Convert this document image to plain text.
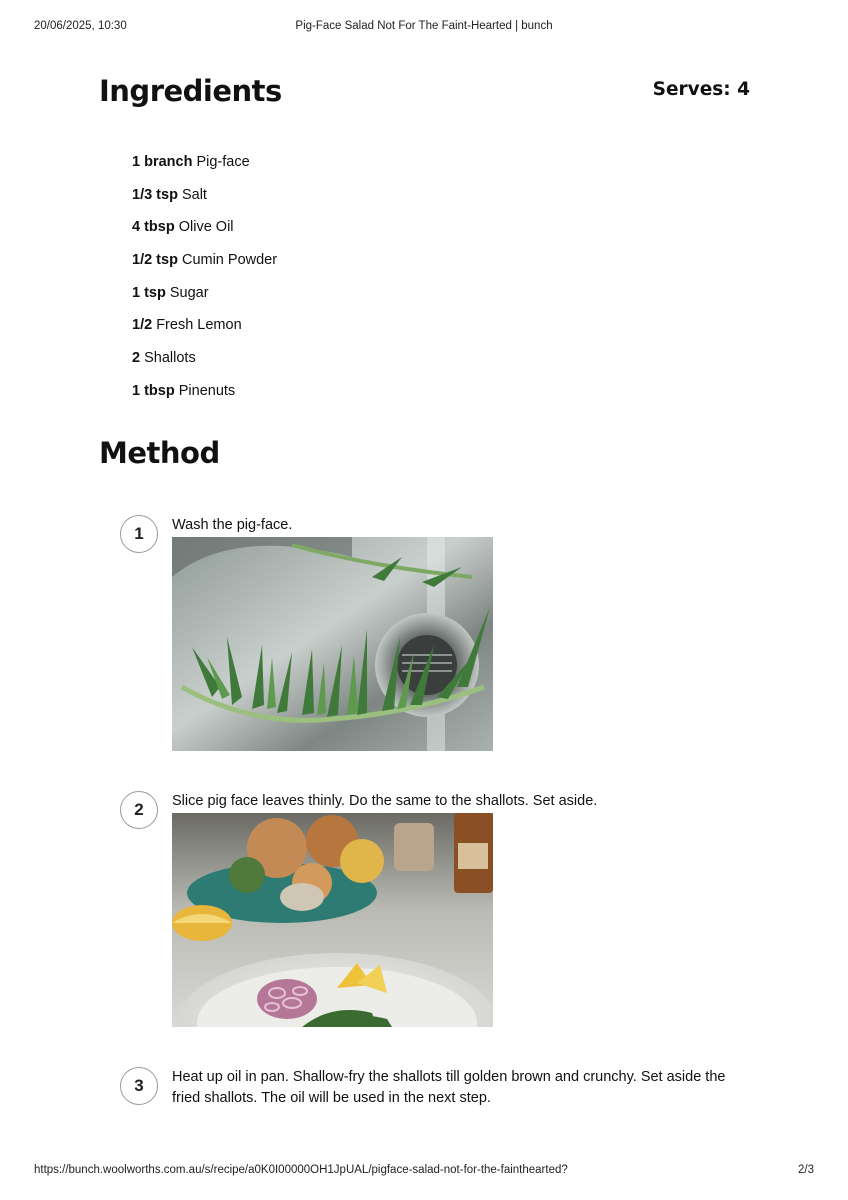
20/06/2025, 10:30	Pig-Face Salad Not For The Faint-Hearted | bunch
Ingredients	Serves: 4
1 branch Pig-face
1/3 tsp Salt
4 tbsp Olive Oil
1/2 tsp Cumin Powder
1 tsp Sugar
1/2 Fresh Lemon
2 Shallots
1 tbsp Pinenuts
Method
1	Wash the pig-face.
2	Slice pig face leaves thinly. Do the same to the shallots. Set aside.
3	Heat up oil in pan. Shallow-fry the shallots till golden brown and crunchy. Set aside the fried shallots. The oil will be used in the next step.
https://bunch.woolworths.com.au/s/recipe/a0K0I00000OH1JpUAL/pigface-salad-not-for-the-fainthearted?	2/3
